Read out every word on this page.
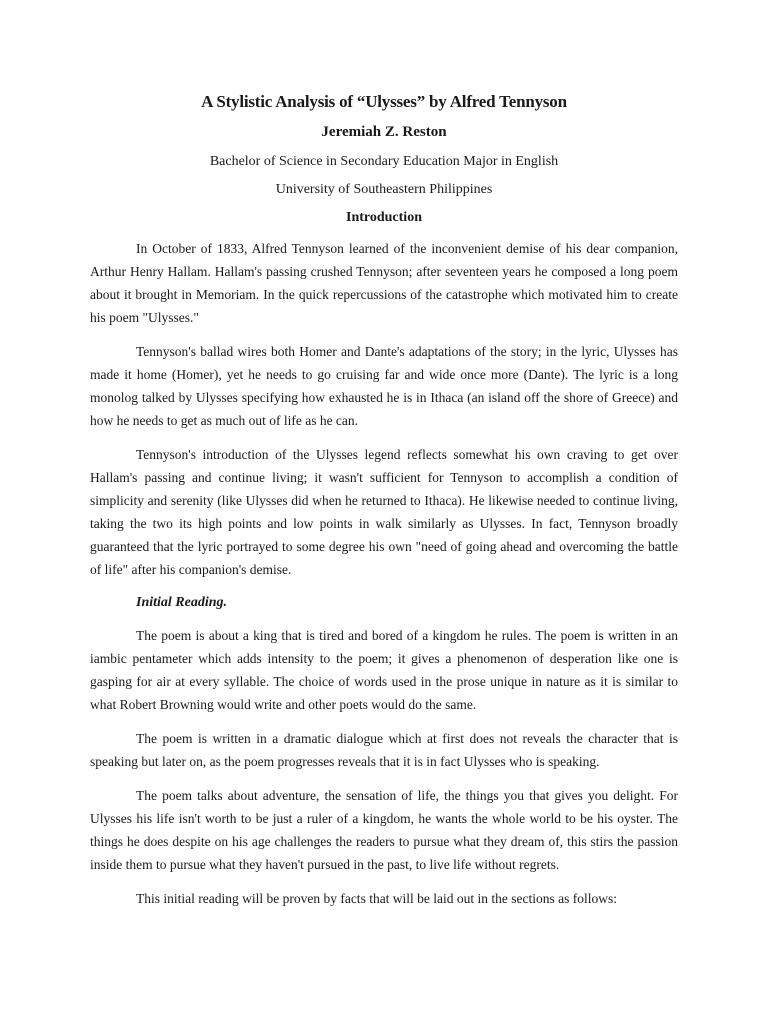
A Stylistic Analysis of “Ulysses” by Alfred Tennyson
Jeremiah Z. Reston
Bachelor of Science in Secondary Education Major in English
University of Southeastern Philippines
Introduction

In October of 1833, Alfred Tennyson learned of the inconvenient demise of his dear companion, Arthur Henry Hallam. Hallam's passing crushed Tennyson; after seventeen years he composed a long poem about it brought in Memoriam. In the quick repercussions of the catastrophe which motivated him to create his poem "Ulysses."

Tennyson's ballad wires both Homer and Dante's adaptations of the story; in the lyric, Ulysses has made it home (Homer), yet he needs to go cruising far and wide once more (Dante). The lyric is a long monolog talked by Ulysses specifying how exhausted he is in Ithaca (an island off the shore of Greece) and how he needs to get as much out of life as he can.

Tennyson's introduction of the Ulysses legend reflects somewhat his own craving to get over Hallam's passing and continue living; it wasn't sufficient for Tennyson to accomplish a condition of simplicity and serenity (like Ulysses did when he returned to Ithaca). He likewise needed to continue living, taking the two its high points and low points in walk similarly as Ulysses. In fact, Tennyson broadly guaranteed that the lyric portrayed to some degree his own "need of going ahead and overcoming the battle of life" after his companion's demise.

Initial Reading.

The poem is about a king that is tired and bored of a kingdom he rules. The poem is written in an iambic pentameter which adds intensity to the poem; it gives a phenomenon of desperation like one is gasping for air at every syllable. The choice of words used in the prose unique in nature as it is similar to what Robert Browning would write and other poets would do the same.

The poem is written in a dramatic dialogue which at first does not reveals the character that is speaking but later on, as the poem progresses reveals that it is in fact Ulysses who is speaking.

The poem talks about adventure, the sensation of life, the things you that gives you delight. For Ulysses his life isn't worth to be just a ruler of a kingdom, he wants the whole world to be his oyster. The things he does despite on his age challenges the readers to pursue what they dream of, this stirs the passion inside them to pursue what they haven't pursued in the past, to live life without regrets.

This initial reading will be proven by facts that will be laid out in the sections as follows:
